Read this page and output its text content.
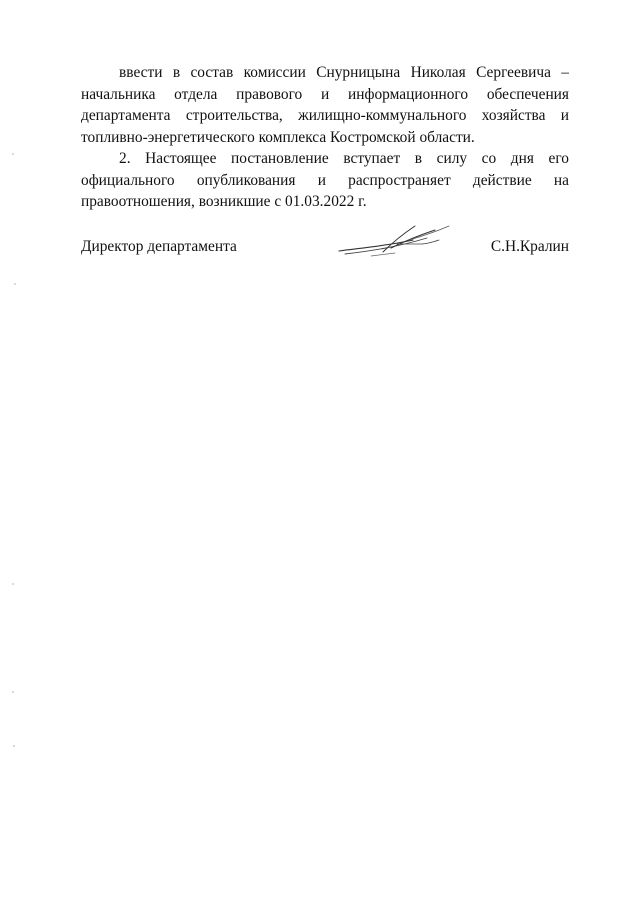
ввести в состав комиссии Снурницына Николая Сергеевича – начальника отдела правового и информационного обеспечения департамента строительства, жилищно-коммунального хозяйства и топливно-энергетического комплекса Костромской области.

2. Настоящее постановление вступает в силу со дня его официального опубликования и распространяет действие на правоотношения, возникшие с 01.03.2022 г.

Директор департамента	С.Н.Кралин
